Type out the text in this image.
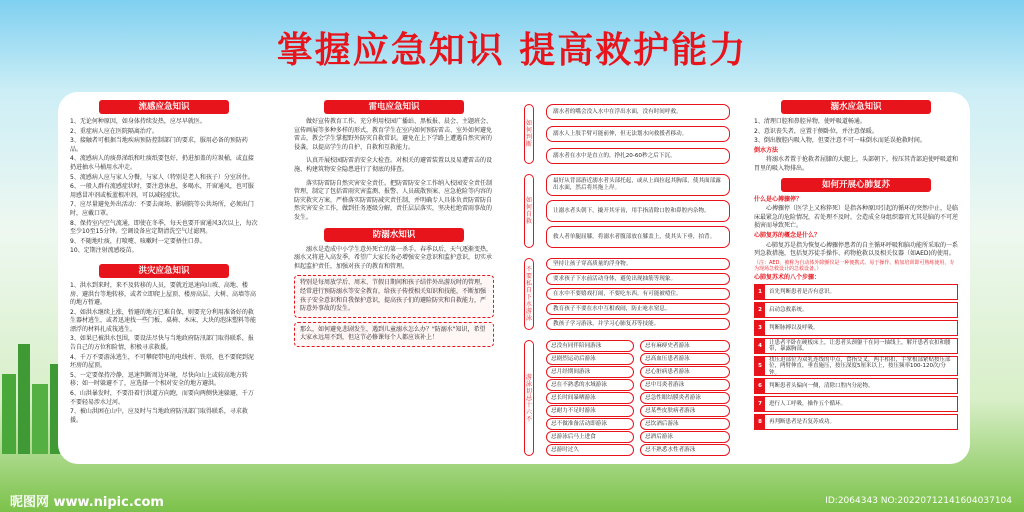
掌握应急知识 提高救护能力
流感应急知识

1、无论何种原因，如身体持续发热，应尽早就医。

2、重症病人应在医院隔离治疗。

3、接触者可根据当地疾病预防控制部门的要求，服用必备的预防药品。

4、流感病人的痰鼻涕纸和吐痰纸要包好，扔进加盖的垃圾桶，或直接扔进抽水马桶用水冲走。

5、流感病人应与家人分餐，与家人（特别是老人和孩子）分室居住。

6、一般人群有流感症状时，要注意休息，多喝水，开窗通风，也可服用感冒冲剂或板蓝根冲剂，可以减轻症状。

7、应尽量避免外出活动：不要去商场、影剧院等公共场所，必须出门时，应戴口罩。

8、保持室内空气流通，即使在冬季，每天也要开窗通风3次以上，每次至少10至15分钟。空调设备应定期清洗空气过滤网。

9、不随地吐痰，打喷嚏、咳嗽时一定要捂住口鼻。

10、定期注射流感疫苗。

洪灾应急知识

1、洪水到来时，来不及转移的人员，要就近迅速向山坡、高地、楼房、避洪台等地转移，或者立即爬上屋顶、楼房高层、大树、高墙等高的地方暂避。

2、如洪水继续上涨，暂避的地方已难自保，则要充分利用准备好的救生器材逃生，或者迅速找一些门板、桌椅、木床、大块的泡沫塑料等能漂浮的材料扎成筏逃生。

3、如果已被洪水包围，要设法尽快与当地政府防汛部门取得联系，报告自己的方位和险情，积极寻求救援。

4、千万不要游泳逃生，不可攀爬带电的电线杆、铁塔，也不要爬到泥坯房的屋顶。

5、一定要保持冷静，迅速判断周边环境，尽快向山上或较高地方转移；如一时躲避不了，应选择一个相对安全的地方避洪。

6、山洪暴发时，不要沿着行洪道方向跑，而要向两侧快速躲避，千万不要轻易涉水过河。

7、被山洪困在山中，应及时与当地政府防汛部门取得联系，寻求救援。

雷电应急知识

做好宣传教育工作。充分利用校园广播站、黑板报、晨会、主题班会、宣传画展等多种多样的形式，教育学生在室内如何预防雷击、室外如何避免雷击，教会学生掌握野外防灾自救常识。避免在上下学路上遭遇自然灾害的侵袭，以提高学生的自护、自救和互救能力。

认真开展校园防雷消安全大检查。对相关的避雷装置以及易遭雷击的设施、构建筑物安全隐患进行了彻底的排查。

落实防雷防自然灾害安全责任。把防雷防安全工作纳入校园安全责任制管理，制定了包括雷雨灾害监测、报警、人员疏散预案、应急抢险等内容的防灾救灾方案，严格落实防雷防减灾责任制，并明确专人具体负责防雷防自然灾害安全工作，做到任务逐级分解，责任层层落实，坚决杜绝雷雨事故的发生。

防溺水知识

溺水是造成中小学生意外死亡的第一杀手。春季以后，天气逐渐变热，溺水又将进入高发季，希望广大家长务必增强安全意识和监护意识，切实承担起监护责任，加强对孩子的教育和管理。

特别是每周放学后、周末、节假日期间和孩子结伴外出游玩时的管理，经常进行预防溺水等安全教育，给孩子传授相关知识和技能，不断加强孩子安全意识和自我保护意识，提高孩子们的避险防灾和自救能力，严防意外事故的发生。
那么，如何避免悲剧发生，遇到儿童溺水怎么办？"防溺水"知识，希望大家永远用不到，但这节必修课每个人都应该补上！
如何判断
溺水者的嘴会没入水中在浮出水面，没有时间呼救。
溺水人上肢手臂可能前伸，但无法划水向救援者移动。
溺水者在水中是直立的，挣扎20-60秒之后下沉。
如何自救
最好从背部游近溺水者头部托起，或从上面拉起其胸部，使其面部露出水面，然后将其拖上岸。
让溺水者头朝下，撬开其牙齿，用手指清除口腔和鼻腔内杂物。
救人者单腿屈膝，将溺水者腹部放在膝盖上，使其头下垂，拍背。
不要私自下水游泳
坚持让孩子穿高质量的浮身物。
要求孩子下水前活动身体，避免出现抽筋等现象。
在水中不要嬉戏打闹，不要吃东西。有可能被噎住。
教育孩子不要在水中互相戏闹，防止呛水窒息。
教孩子学习游泳，并学习心肺复苏等技能。
游泳切忌十六不
忌没有同伴陪同游泳
忌剧烈运动后游泳
忌月经期间游泳
忌在不熟悉的水域游泳
忌长时间暴晒游泳
忌耐力不足时游泳
忌不做准备活动即游泳
忌游泳后马上进食
忌游时过久
忌有麻痹史者游泳
忌高血压患者游泳
忌心脏病患者游泳
忌中耳炎者游泳
忌急性眼结膜炎者游泳
忌某些皮肤病者游泳
忌饮酒后游泳
忌酒后游泳
忌不熟悉水性者游泳
溺水应急知识

1、清理口腔和鼻腔异物，使呼吸道畅通。

2、意识丧失者，应置于侧卧位，并注意保暖。

3、倒出腹腔内吸入物，但要注意不可一味倒水而延误抢救时间。

倒水方法

将溺水者置于抢救者屈膝的大腿上，头部朝下，按压其背部迫使呼吸道和胃里的吸入物排出。

如何开展心肺复苏

什么是心搏骤停？

心搏骤停（医学上又称猝死）是指各种原因引起的循环的突然中止，是临床最紧急的危险情况，若处理不及时，会造成全身组织器官尤其是脑的不可逆损害而导致死亡。

心肺复苏的概念是什么？

心肺复苏是指为恢复心搏骤停患者的自主循环呼吸和脑功能所采取的一系列急救措施，包括复苏徒手操作、药物抢救以及相关仪器（如AED)的使用。

（注：AED，被称为自动体外除颤仪是一种便携式、易于操作、稍加培训即可熟练使用，专为现场急救设计的急救设备。）

心肺复苏术的八个步骤：

1	首先判断患者是否有意识。
2	启动急救系统。
3	判断脉搏以及呼吸。
4
让患者平卧在硬板床上，让患者头颈躯干在同一轴线上，解开患者衣扣和腰带，暴露胸部。
5
找压迫部位为双乳连线的中点，食指交叉，两手相扣，手掌根部紧贴按压部位，两臂伸直，垂直施压，按压深度5厘米以上，按压频率100-120次/分钟。
6	判断患者头偏向一侧，清除口腔内分泌物。
7	进行人工呼吸，操作五个循环。
8	再判断患者是否复苏成功。
昵图网 www.nipic.com	ID:2064343 NO:20220712141604037104
